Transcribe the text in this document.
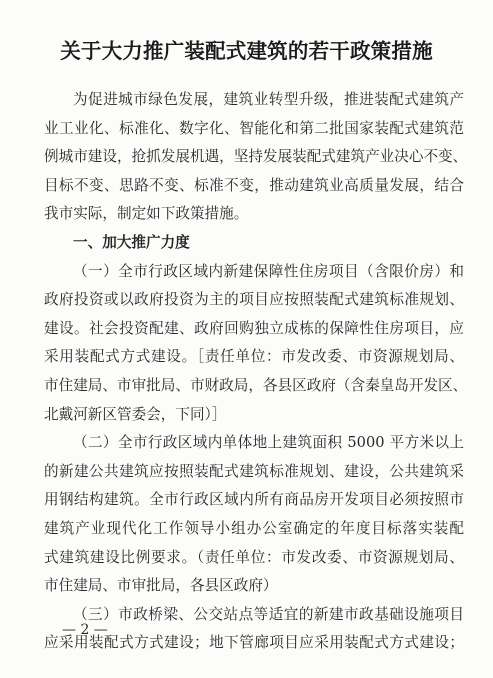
关于大力推广装配式建筑的若干政策措施
为促进城市绿色发展，建筑业转型升级，推进装配式建筑产
业工业化、标准化、数字化、智能化和第二批国家装配式建筑范
例城市建设，抢抓发展机遇，坚持发展装配式建筑产业决心不变、
目标不变、思路不变、标准不变，推动建筑业高质量发展，结合
我市实际，制定如下政策措施。
一、加大推广力度
（一）全市行政区域内新建保障性住房项目（含限价房）和
政府投资或以政府投资为主的项目应按照装配式建筑标准规划、
建设。社会投资配建、政府回购独立成栋的保障性住房项目，应
采用装配式方式建设。［责任单位：市发改委、市资源规划局、
市住建局、市审批局、市财政局，各县区政府（含秦皇岛开发区、
北戴河新区管委会，下同）］
（二）全市行政区域内单体地上建筑面积 5000 平方米以上
的新建公共建筑应按照装配式建筑标准规划、建设，公共建筑采
用钢结构建筑。全市行政区域内所有商品房开发项目必须按照市
建筑产业现代化工作领导小组办公室确定的年度目标落实装配
式建筑建设比例要求。（责任单位：市发改委、市资源规划局、
市住建局、市审批局，各县区政府）
（三）市政桥梁、公交站点等适宜的新建市政基础设施项目
应采用装配式方式建设；地下管廊项目应采用装配式方式建设；
— 2 —
